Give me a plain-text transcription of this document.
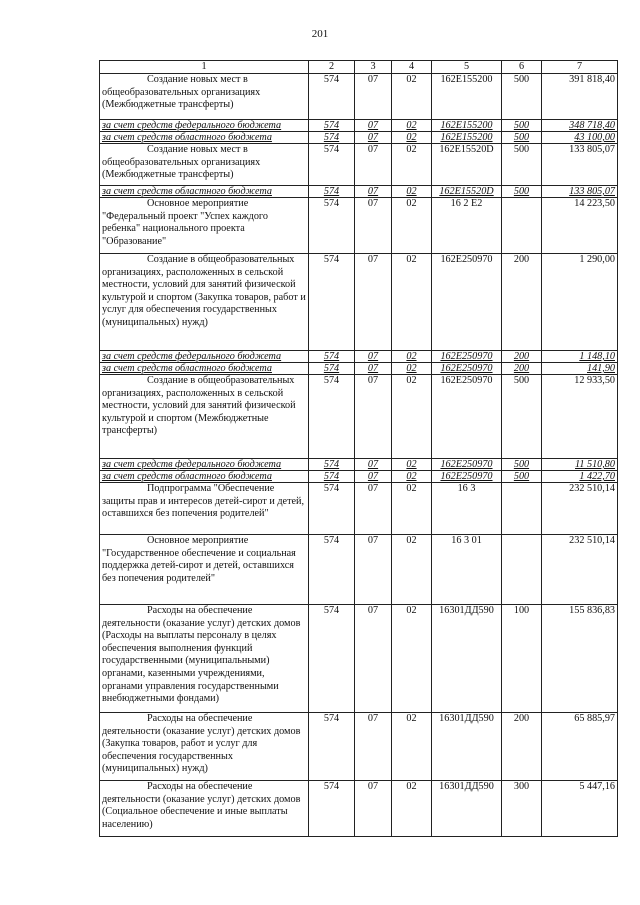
201
1	2	3	4	5	6	7
Создание новых мест в общеобразовательных организациях (Межбюджетные трансферты)	574	07	02	162E155200	500	391 818,40
за счет средств федерального бюджета	574	07	02	162E155200	500	348 718,40
за счет средств областного бюджета	574	07	02	162E155200	500	43 100,00
Создание новых мест в общеобразовательных организациях (Межбюджетные трансферты)	574	07	02	162E15520D	500	133 805,07
за счет средств областного бюджета	574	07	02	162E15520D	500	133 805,07
Основное мероприятие "Федеральный проект "Успех каждого ребенка" национального проекта "Образование"	574	07	02	16 2 E2		14 223,50
Создание в общеобразовательных организациях, расположенных в сельской местности, условий для занятий физической культурой и спортом (Закупка товаров, работ и услуг для обеспечения государственных (муниципальных) нужд)	574	07	02	162E250970	200	1 290,00
за счет средств федерального бюджета	574	07	02	162E250970	200	1 148,10
за счет средств областного бюджета	574	07	02	162E250970	200	141,90
Создание в общеобразовательных организациях, расположенных в сельской местности, условий для занятий физической культурой и спортом (Межбюджетные трансферты)	574	07	02	162E250970	500	12 933,50
за счет средств федерального бюджета	574	07	02	162E250970	500	11 510,80
за счет средств областного бюджета	574	07	02	162E250970	500	1 422,70
Подпрограмма "Обеспечение защиты прав и интересов детей-сирот и детей, оставшихся без попечения родителей"	574	07	02	16 3		232 510,14
Основное мероприятие "Государственное обеспечение и социальная поддержка детей-сирот и детей, оставшихся без попечения родителей"	574	07	02	16 3 01		232 510,14
Расходы на обеспечение деятельности (оказание услуг) детских домов (Расходы на выплаты персоналу в целях обеспечения выполнения функций государственными (муниципальными) органами, казенными учреждениями, органами управления государственными внебюджетными фондами)	574	07	02	16301ДД590	100	155 836,83
Расходы на обеспечение деятельности (оказание услуг) детских домов (Закупка товаров, работ и услуг для обеспечения государственных (муниципальных) нужд)	574	07	02	16301ДД590	200	65 885,97
Расходы на обеспечение деятельности (оказание услуг) детских домов (Социальное обеспечение и иные выплаты населению)	574	07	02	16301ДД590	300	5 447,16
